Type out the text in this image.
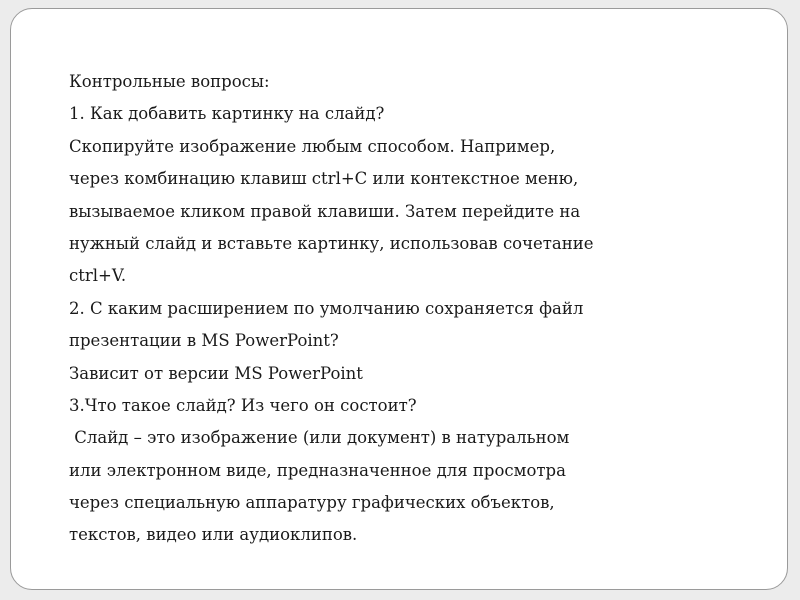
Контрольные вопросы:
1. Как добавить картинку на слайд?
Скопируйте изображение любым способом. Например,
через комбинацию клавиш ctrl+C или контекстное меню,
вызываемое кликом правой клавиши. Затем перейдите на
нужный слайд и вставьте картинку, использовав сочетание
ctrl+V.
2. С каким расширением по умолчанию сохраняется файл
презентации в MS PowerPoint?
Зависит от версии MS PowerPoint
3.Что такое слайд? Из чего он состоит?
Слайд – это изображение (или документ) в натуральном
или электронном виде, предназначенное для просмотра
через специальную аппаратуру графических объектов,
текстов, видео или аудиоклипов.
